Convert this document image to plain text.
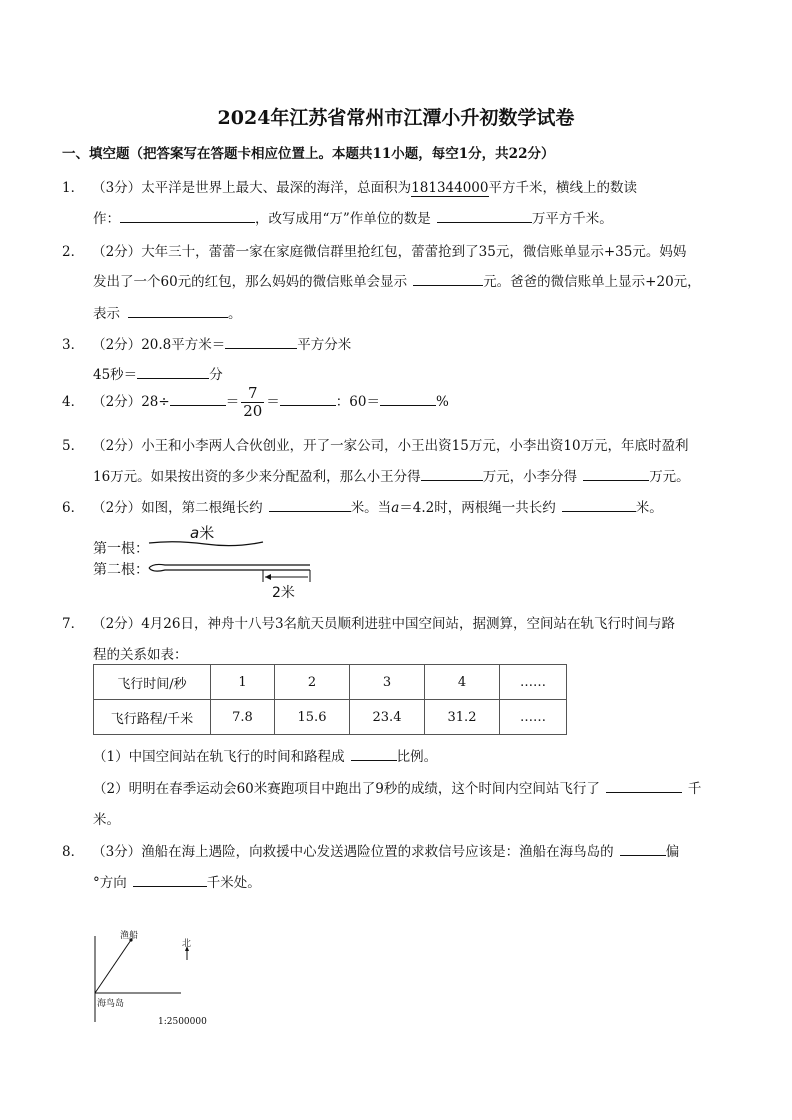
2024年江苏省常州市江潭小升初数学试卷
一、填空题（把答案写在答题卡相应位置上。本题共11小题，每空1分，共22分）
1． （3分）太平洋是世界上最大、最深的海洋，总面积为181344000平方千米，横线上的数读
作：	，改写成用“万”作单位的数是	万平方千米。
2． （2分）大年三十，蕾蕾一家在家庭微信群里抢红包，蕾蕾抢到了35元，微信账单显示+35元。妈妈
发出了一个60元的红包，那么妈妈的微信账单会显示	元。爸爸的微信账单上显示+20元，
表示	。
3． （2分）20.8平方米＝	平方分米
45秒＝	分
4． （2分）28÷	＝ $\frac{7}{20}$ ＝	：60＝	%
5． （2分）小王和小李两人合伙创业，开了一家公司，小王出资15万元，小李出资10万元，年底时盈利
16万元。如果按出资的多少来分配盈利，那么小王分得	万元，小李分得	万元。
6． （2分）如图，第二根绳长约	米。当a＝4.2时，两根绳一共长约	米。
a米
第一根：
第二根：
2米
7． （2分）4月26日，神舟十八号3名航天员顺利进驻中国空间站，据测算，空间站在轨飞行时间与路
程的关系如表：
飞行时间/秒	1	2	3	4	……
飞行路程/千米	7.8	15.6	23.4	31.2	……
（1）中国空间站在轨飞行的时间和路程成	比例。
（2）明明在春季运动会60米赛跑项目中跑出了9秒的成绩，这个时间内空间站飞行了	千
米。
8． （3分）渔船在海上遇险，向救援中心发送遇险位置的求救信号应该是：渔船在海鸟岛的	偏
°方向	千米处。
渔船
北
海鸟岛
1:2500000
